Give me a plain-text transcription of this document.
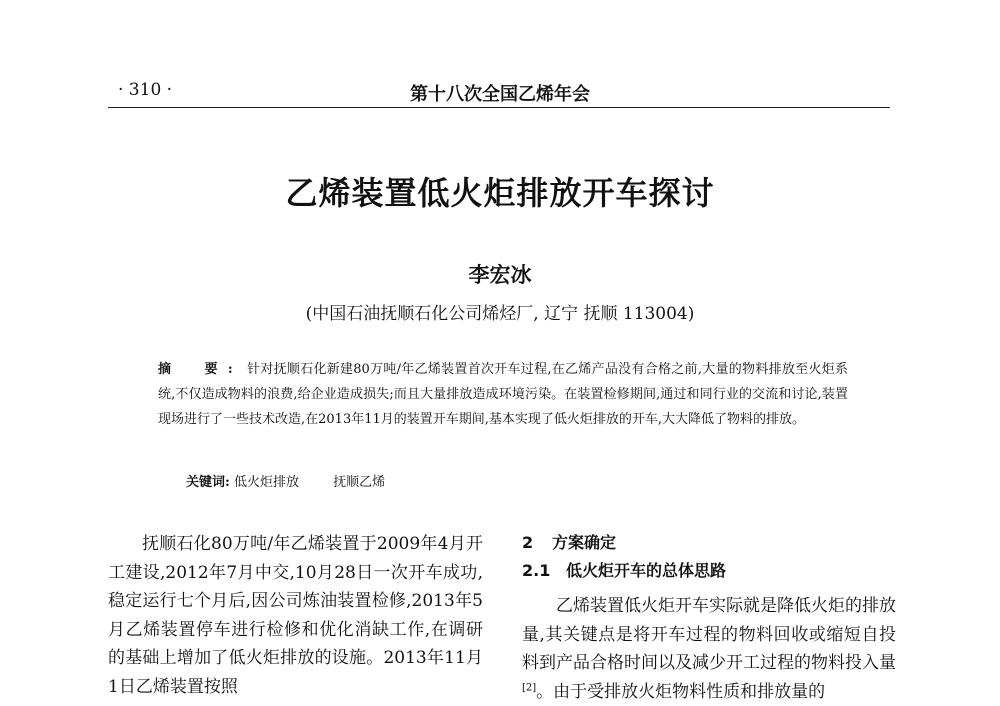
· 310 ·	第十八次全国乙烯年会
乙烯装置低火炬排放开车探讨
李宏冰
(中国石油抚顺石化公司烯烃厂, 辽宁 抚顺 113004)
摘　要: 针对抚顺石化新建80万吨/年乙烯装置首次开车过程,在乙烯产品没有合格之前,大量的物料排放至火炬系统,不仅造成物料的浪费,给企业造成损失;而且大量排放造成环境污染。在装置检修期间,通过和同行业的交流和讨论,装置现场进行了一些技术改造,在2013年11月的装置开车期间,基本实现了低火炬排放的开车,大大降低了物料的排放。
关键词: 低火炬排放	抚顺乙烯
抚顺石化80万吨/年乙烯装置于2009年4月开工建设,2012年7月中交,10月28日一次开车成功,稳定运行七个月后,因公司炼油装置检修,2013年5月乙烯装置停车进行检修和优化消缺工作,在调研的基础上增加了低火炬排放的设施。2013年11月1日乙烯装置按照
2 方案确定
2.1 低火炬开车的总体思路
乙烯装置低火炬开车实际就是降低火炬的排放量,其关键点是将开车过程的物料回收或缩短自投料到产品合格时间以及减少开工过程的物料投入量[2]。由于受排放火炬物料性质和排放量的
